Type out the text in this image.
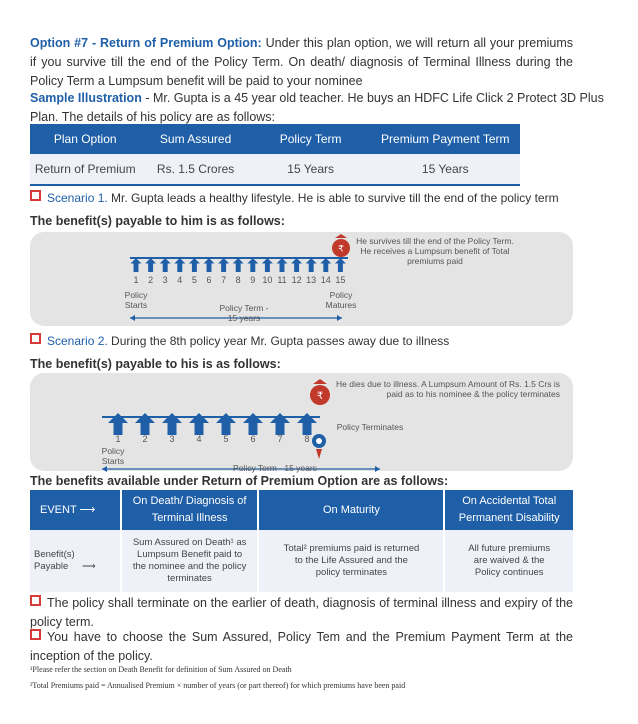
Option #7 - Return of Premium Option: Under this plan option, we will return all your premiums if you survive till the end of the Policy Term. On death/ diagnosis of Terminal Illness during the Policy Term a Lumpsum benefit will be paid to your nominee
Sample Illustration - Mr. Gupta is a 45 year old teacher. He buys an HDFC Life Click 2 Protect 3D Plus Plan. The details of his policy are as follows:
Plan Option	Sum Assured	Policy Term	Premium Payment Term
Return of Premium	Rs. 1.5 Crores	15 Years	15 Years
Scenario 1. Mr. Gupta leads a healthy lifestyle. He is able to survive till the end of the policy term
The benefit(s) payable to him is as follows:
₹
He survives till the end of the Policy Term. He receives a Lumpsum benefit of Total premiums paid
1	2	3	4	5	6	7	8	9 10 11 12 13 14 15
Policy Starts
Policy Matures
Policy Term - 15 years
Scenario 2. During the 8th policy year Mr. Gupta passes away due to illness
The benefit(s) payable to his is as follows:
₹
He dies due to illness. A Lumpsum Amount of Rs. 1.5 Crs is paid as to his nominee & the policy terminates
1	2	3	4	5	6	7	8
Policy Starts
Policy Terminates
Policy Term - 15 years
The benefits available under Return of Premium Option are as follows:
EVENT ⟶	On Death/ Diagnosis of Terminal Illness	On Maturity	On Accidental Total Permanent Disability
Benefit(s) Payable ⟶	Sum Assured on Death¹ as Lumpsum Benefit paid to the nominee and the policy terminates	Total² premiums paid is returned to the Life Assured and the policy terminates	All future premiums are waived & the Policy continues
The policy shall terminate on the earlier of death, diagnosis of terminal illness and expiry of the policy term.
You have to choose the Sum Assured, Policy Tem and the Premium Payment Term at the inception of the policy.
¹Please refer the section on Death Benefit for definition of Sum Assured on Death
²Total Premiums paid = Annualised Premium × number of years (or part thereof) for which premiums have been paid
